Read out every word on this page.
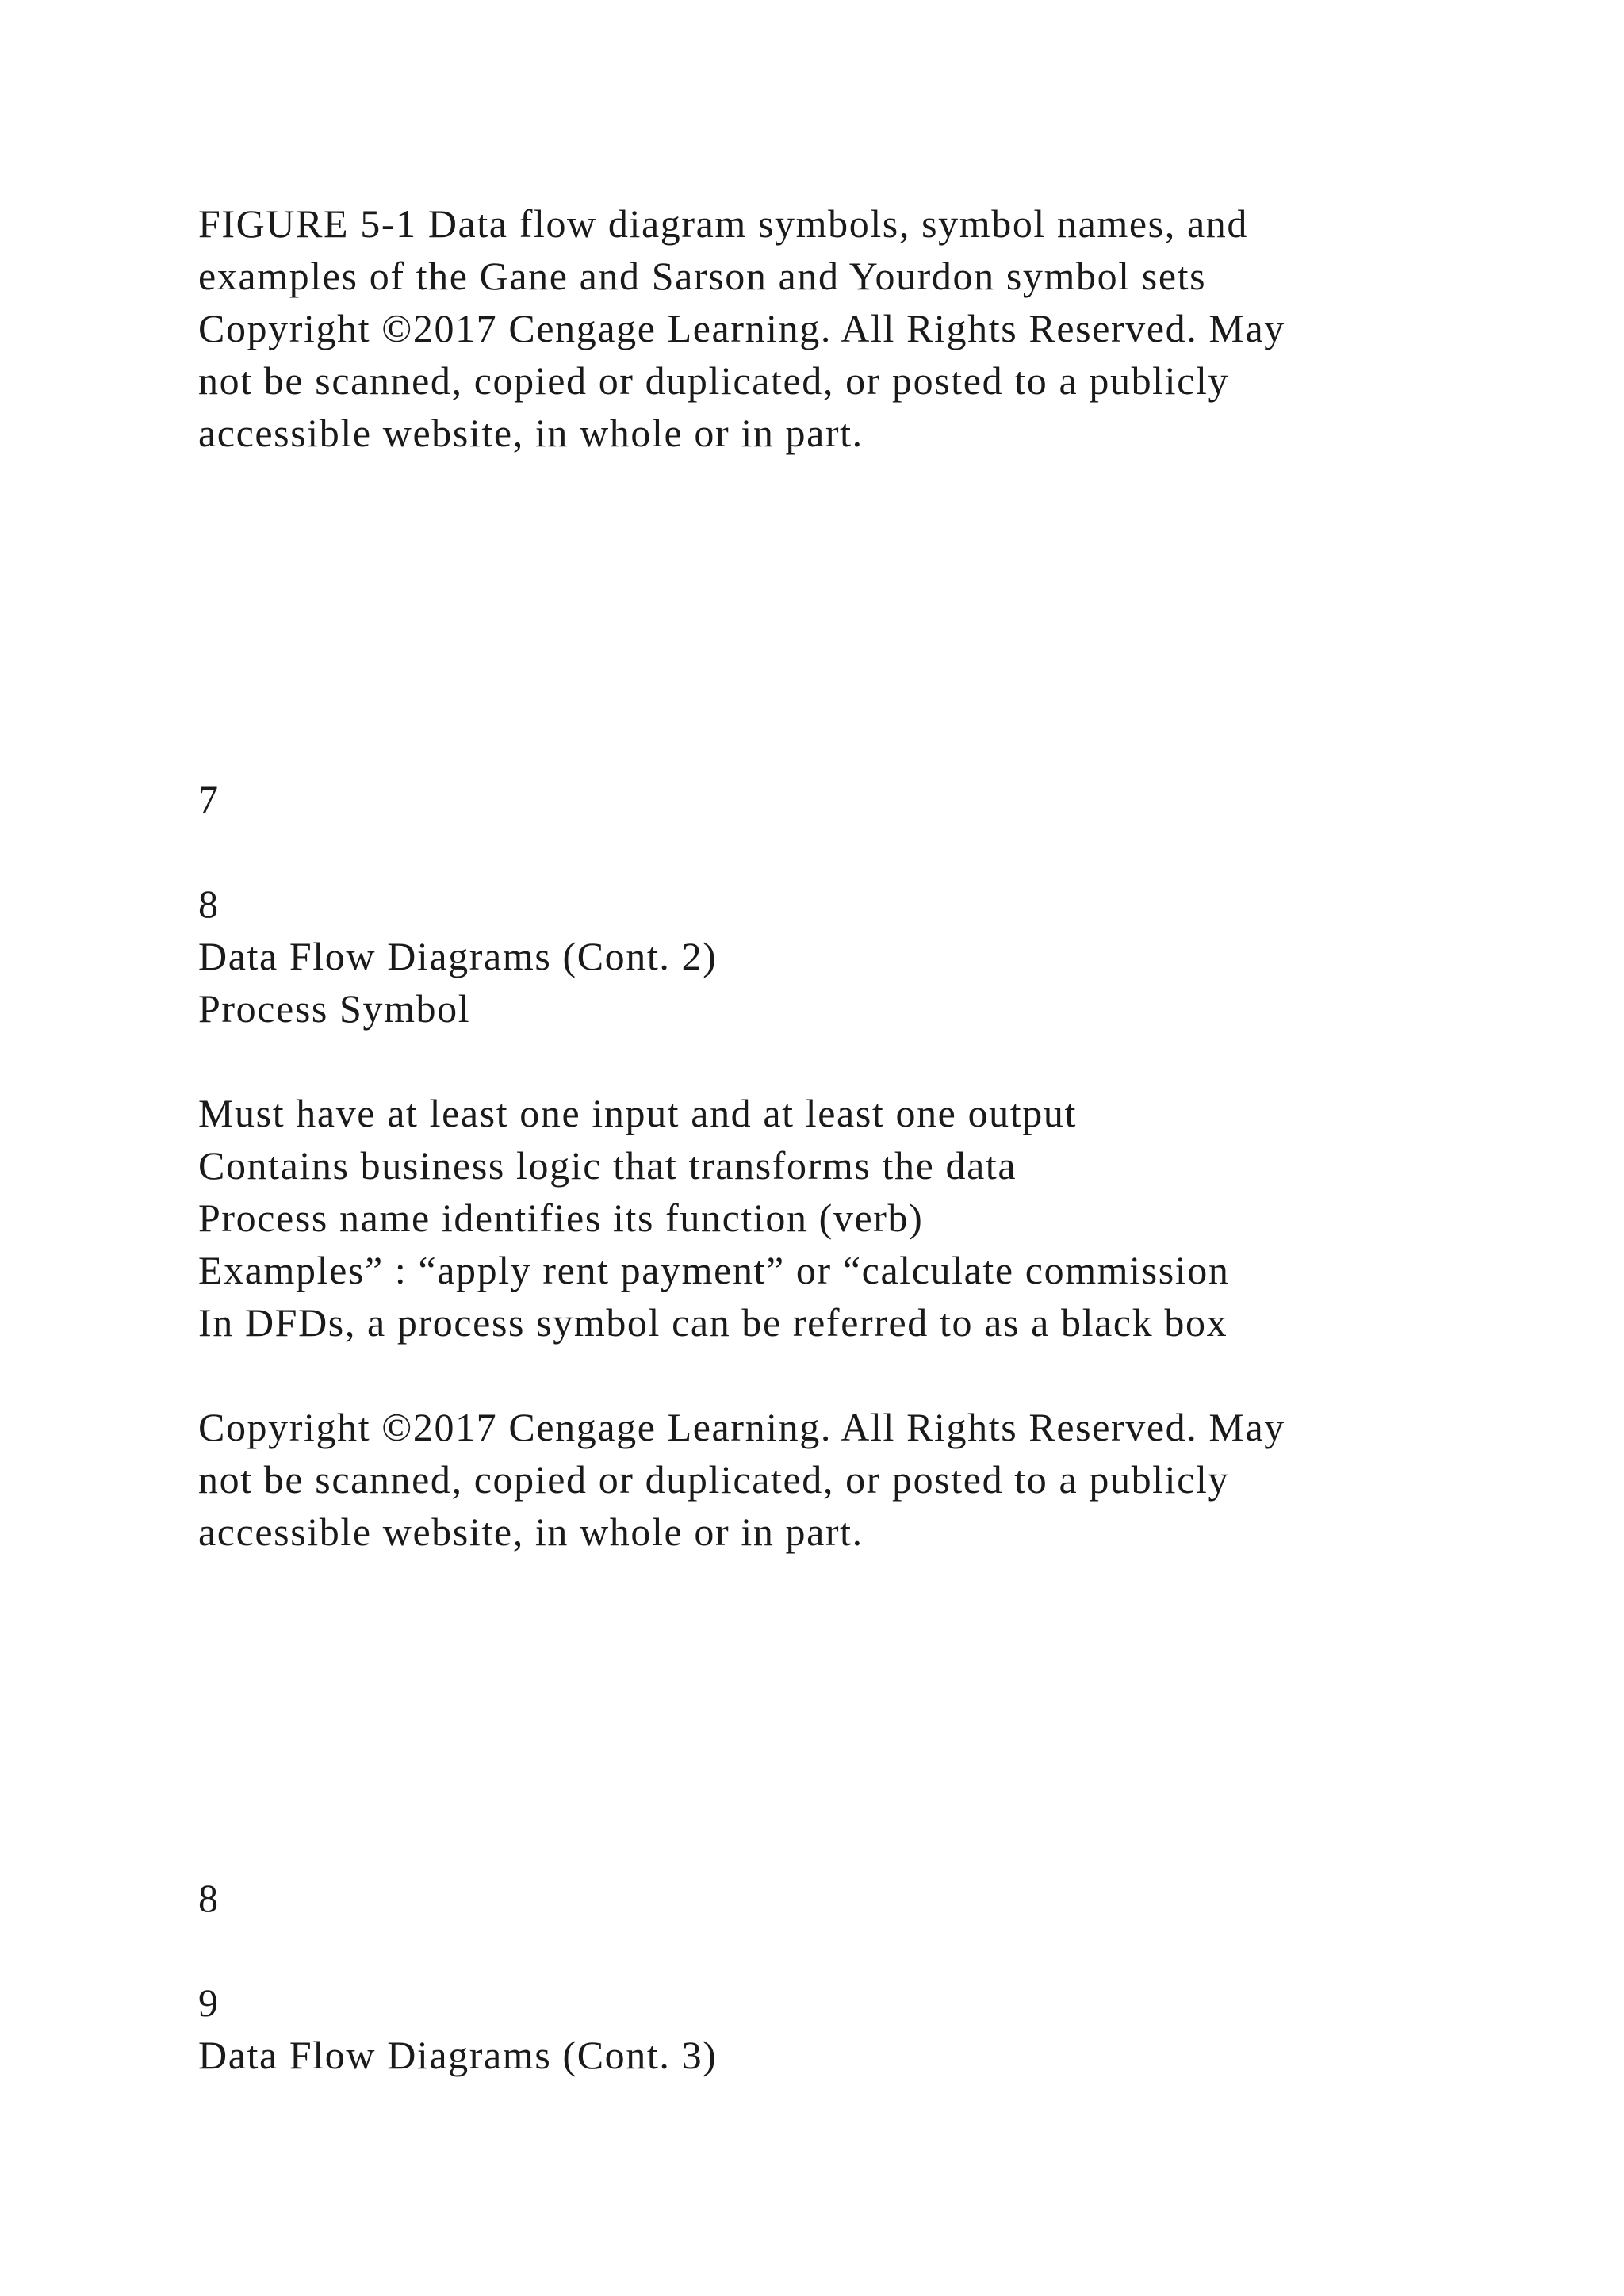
FIGURE 5-1 Data flow diagram symbols, symbol names, and
examples of the Gane and Sarson and Yourdon symbol sets
Copyright ©2017 Cengage Learning. All Rights Reserved. May
not be scanned, copied or duplicated, or posted to a publicly
accessible website, in whole or in part.
7
8
Data Flow Diagrams (Cont. 2)
Process Symbol
Must have at least one input and at least one output
Contains business logic that transforms the data
Process name identifies its function (verb)
Examples” : “apply rent payment” or “calculate commission
In DFDs, a process symbol can be referred to as a black box
Copyright ©2017 Cengage Learning. All Rights Reserved. May
not be scanned, copied or duplicated, or posted to a publicly
accessible website, in whole or in part.
8
9
Data Flow Diagrams (Cont. 3)
